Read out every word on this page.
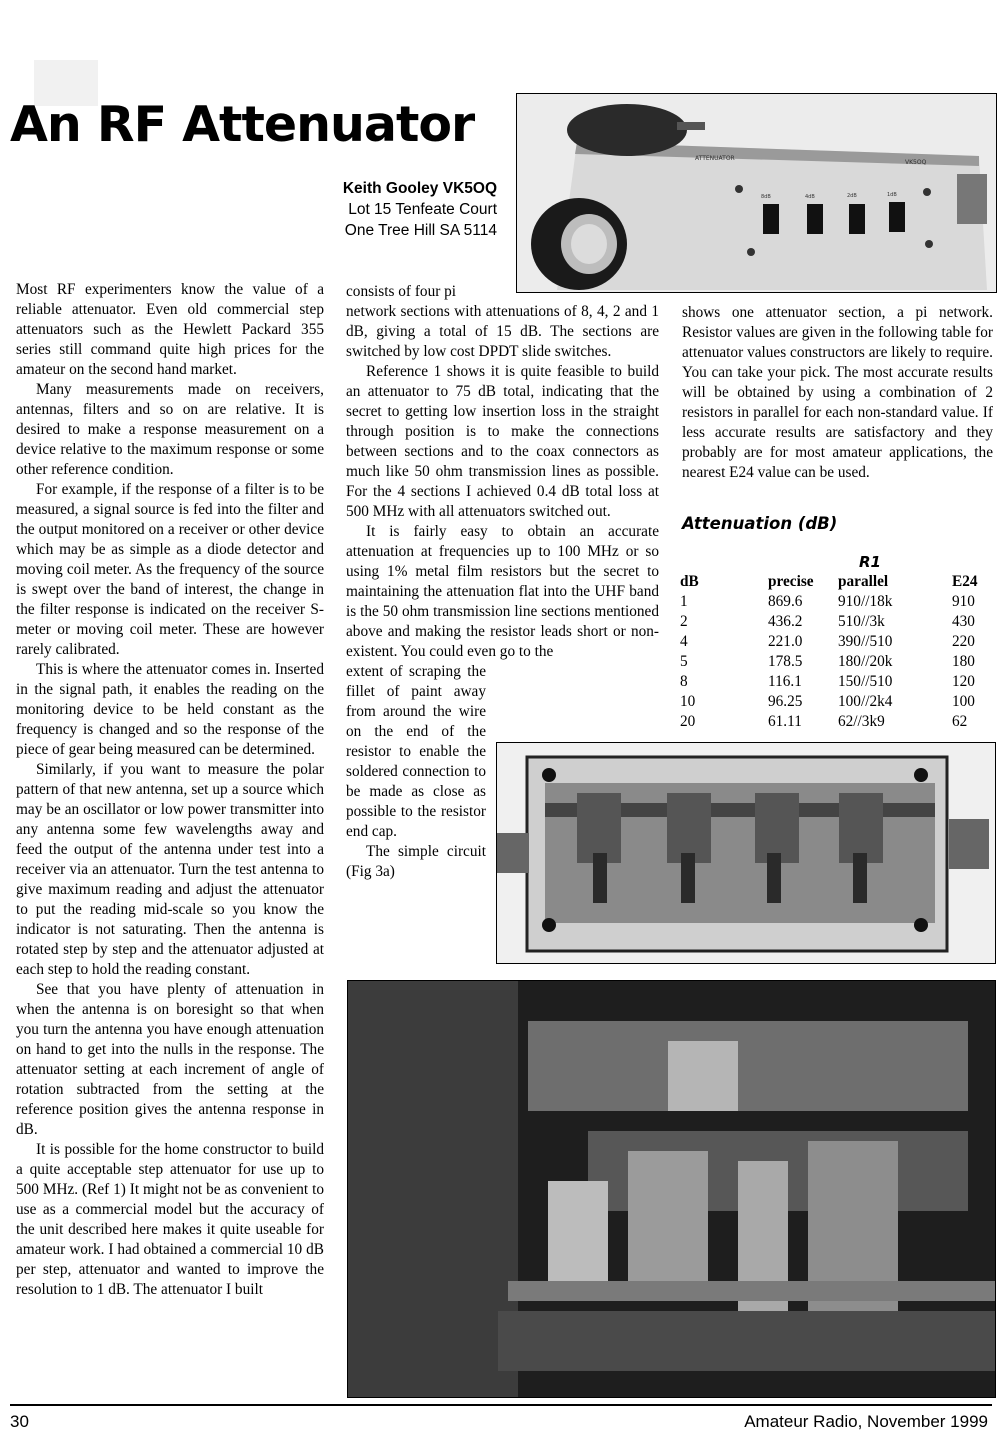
An RF Attenuator
Keith Gooley VK5OQ
Lot 15 Tenfeate Court
One Tree Hill SA 5114
ATTENUATOR
VK5OQ
8dB	4dB	2dB	1dB

Most RF experimenters know the value of a reliable attenuator. Even old commercial step attenuators such as the Hewlett Packard 355 series still command quite high prices for the amateur on the second hand market.

Many measurements made on receivers, antennas, filters and so on are relative. It is desired to make a response measurement on a device relative to the maximum response or some other reference condition.

For example, if the response of a filter is to be measured, a signal source is fed into the filter and the output monitored on a receiver or other device which may be as simple as a diode detector and moving coil meter. As the frequency of the source is swept over the band of interest, the change in the filter response is indicated on the receiver S-meter or moving coil meter. These are however rarely calibrated.

This is where the attenuator comes in. Inserted in the signal path, it enables the reading on the monitoring device to be held constant as the frequency is changed and so the response of the piece of gear being measured can be determined.

Similarly, if you want to measure the polar pattern of that new antenna, set up a source which may be an oscillator or low power transmitter into any antenna some few wavelengths away and feed the output of the antenna under test into a receiver via an attenuator. Turn the test antenna to give maximum reading and adjust the attenuator to put the reading mid-scale so you know the indicator is not saturating. Then the antenna is rotated step by step and the attenuator adjusted at each step to hold the reading constant.

See that you have plenty of attenuation in when the antenna is on boresight so that when you turn the antenna you have enough attenuation on hand to get into the nulls in the response. The attenuator setting at each increment of angle of rotation subtracted from the setting at the reference position gives the antenna response in dB.

It is possible for the home constructor to build a quite acceptable step attenuator for use up to 500 MHz. (Ref 1) It might not be as convenient to use as a commercial model but the accuracy of the unit described here makes it quite useable for amateur work. I had obtained a commercial 10 dB per step, attenuator and wanted to improve the resolution to 1 dB. The attenuator I built

consists of four pi

network sections with attenuations of 8, 4, 2 and 1 dB, giving a total of 15 dB. The sections are switched by low cost DPDT slide switches.

Reference 1 shows it is quite feasible to build an attenuator to 75 dB total, indicating that the secret to getting low insertion loss in the straight through position is to make the connections between sections and to the coax connectors as much like 50 ohm transmission lines as possible. For the 4 sections I achieved 0.4 dB total loss at 500 MHz with all attenuators switched out.

It is fairly easy to obtain an accurate attenuation at frequencies up to 100 MHz or so using 1% metal film resistors but the secret to maintaining the attenuation flat into the UHF band is the 50 ohm transmission line sections mentioned above and making the resistor leads short or non-existent. You could even go to the

extent of scraping the fillet of paint away from around the wire on the end of the resistor to enable the soldered connection to be made as close as possible to the resistor end cap.

The simple circuit (Fig 3a)

shows one attenuator section, a pi network. Resistor values are given in the following table for attenuator values constructors are likely to require. You can take your pick. The most accurate results will be obtained by using a combination of 2 resistors in parallel for each non-standard value. If less accurate results are satisfactory and they probably are for most amateur applications, the nearest E24 value can be used.

Attenuation (dB)
		R1	
dB	precise	parallel	E24
1	869.6	910//18k	910
2	436.2	510//3k	430
4	221.0	390//510	220
5	178.5	180//20k	180
8	116.1	150//510	120
10	96.25	100//2k4	100
20	61.11	62//3k9	62
30	Amateur Radio, November 1999
